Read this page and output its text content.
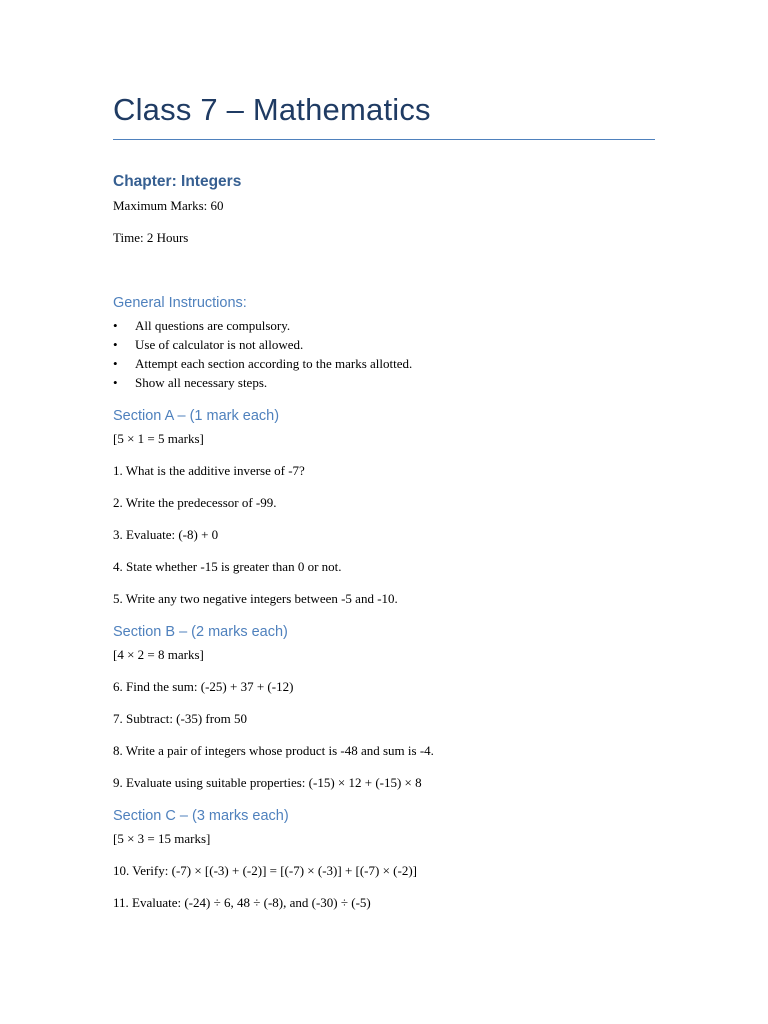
Class 7 – Mathematics
Chapter: Integers

Maximum Marks: 60

Time: 2 Hours

General Instructions:
• All questions are compulsory.
• Use of calculator is not allowed.
• Attempt each section according to the marks allotted.
• Show all necessary steps.
Section A – (1 mark each)

[5 × 1 = 5 marks]

1. What is the additive inverse of -7?

2. Write the predecessor of -99.

3. Evaluate: (-8) + 0

4. State whether -15 is greater than 0 or not.

5. Write any two negative integers between -5 and -10.

Section B – (2 marks each)

[4 × 2 = 8 marks]

6. Find the sum: (-25) + 37 + (-12)

7. Subtract: (-35) from 50

8. Write a pair of integers whose product is -48 and sum is -4.

9. Evaluate using suitable properties: (-15) × 12 + (-15) × 8

Section C – (3 marks each)

[5 × 3 = 15 marks]

10. Verify: (-7) × [(-3) + (-2)] = [(-7) × (-3)] + [(-7) × (-2)]

11. Evaluate: (-24) ÷ 6, 48 ÷ (-8), and (-30) ÷ (-5)
